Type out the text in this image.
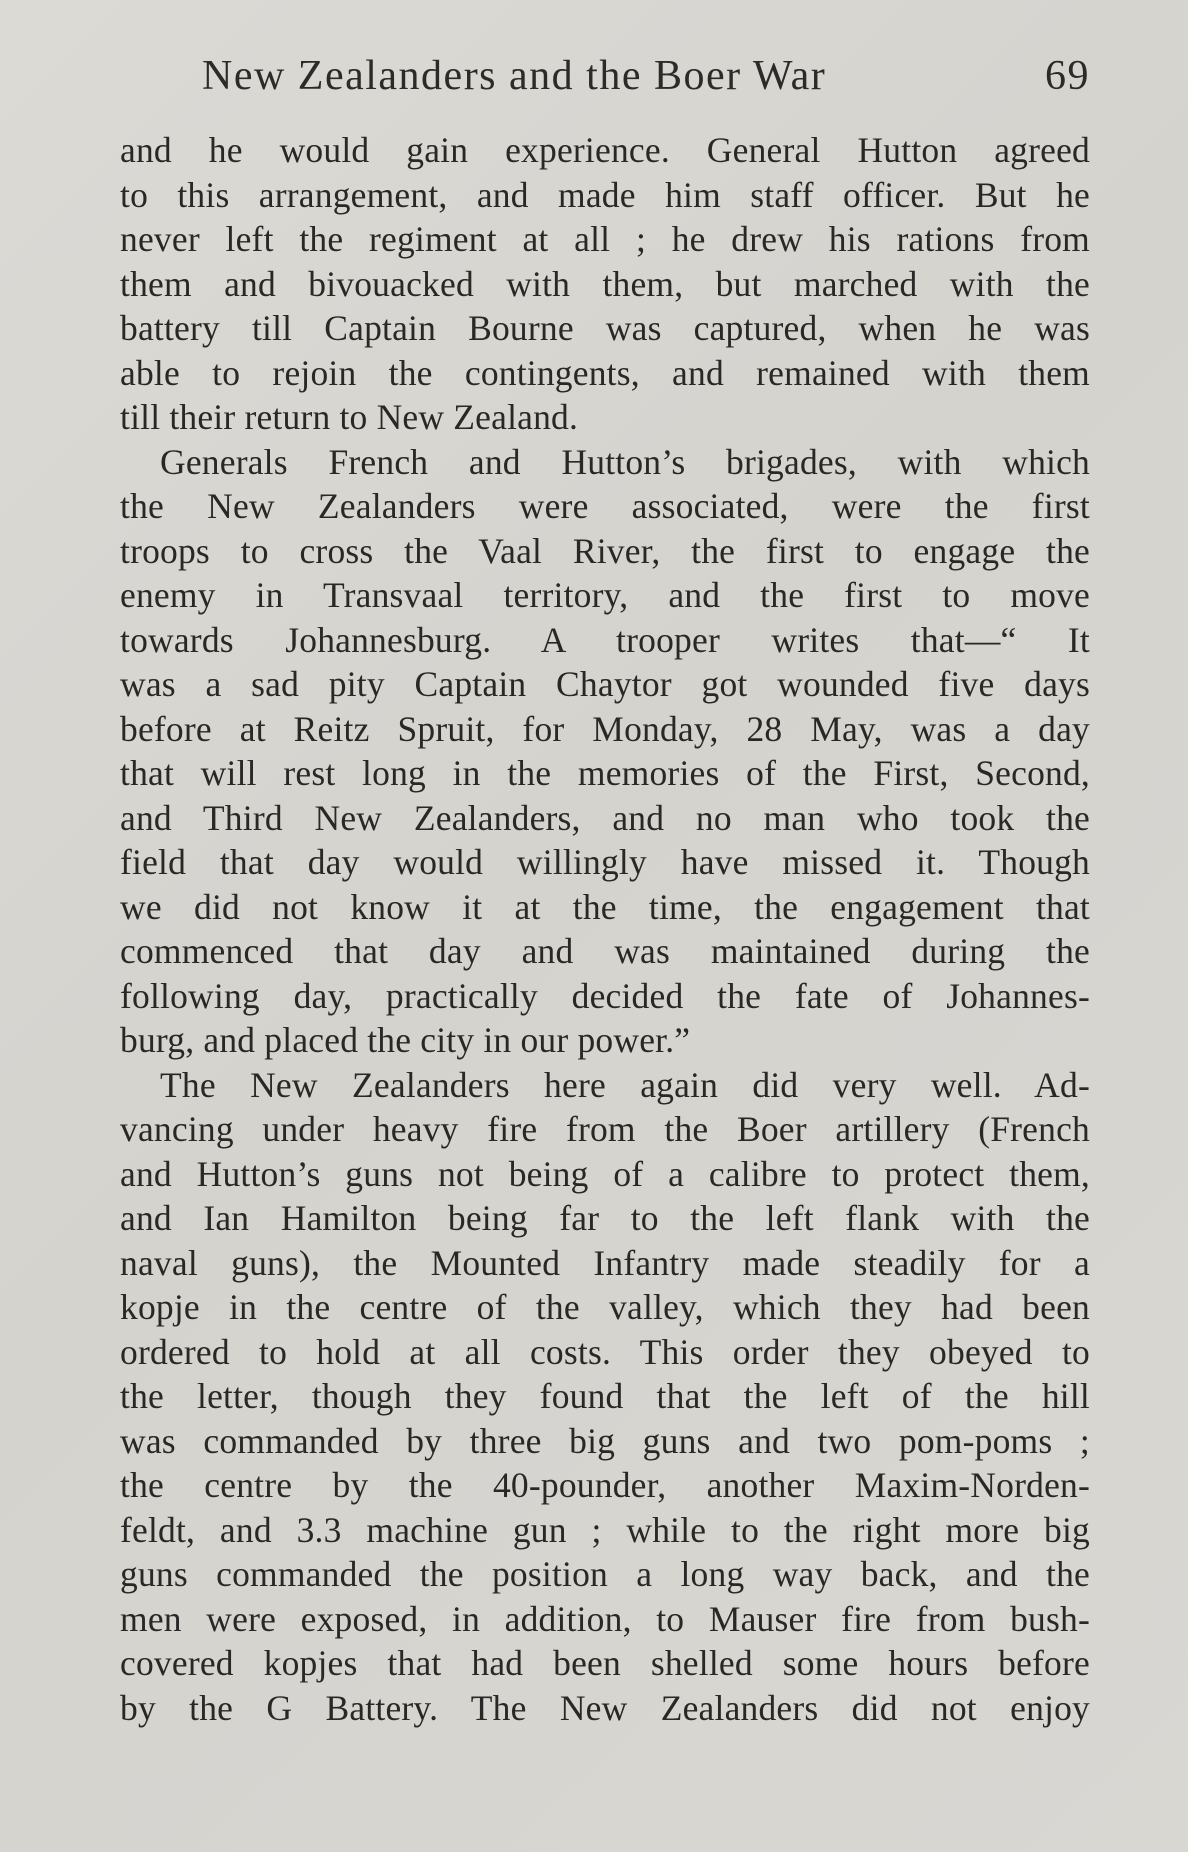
New Zealanders and the Boer War	69
and he would gain experience. General Hutton agreed
to this arrangement, and made him staff officer. But he
never left the regiment at all ; he drew his rations from
them and bivouacked with them, but marched with the
battery till Captain Bourne was captured, when he was
able to rejoin the contingents, and remained with them
till their return to New Zealand.
Generals French and Hutton’s brigades, with which
the New Zealanders were associated, were the first
troops to cross the Vaal River, the first to engage the
enemy in Transvaal territory, and the first to move
towards Johannesburg. A trooper writes that—“ It
was a sad pity Captain Chaytor got wounded five days
before at Reitz Spruit, for Monday, 28 May, was a day
that will rest long in the memories of the First, Second,
and Third New Zealanders, and no man who took the
field that day would willingly have missed it. Though
we did not know it at the time, the engagement that
commenced that day and was maintained during the
following day, practically decided the fate of Johannes-
burg, and placed the city in our power.”
The New Zealanders here again did very well. Ad-
vancing under heavy fire from the Boer artillery (French
and Hutton’s guns not being of a calibre to protect them,
and Ian Hamilton being far to the left flank with the
naval guns), the Mounted Infantry made steadily for a
kopje in the centre of the valley, which they had been
ordered to hold at all costs. This order they obeyed to
the letter, though they found that the left of the hill
was commanded by three big guns and two pom-poms ;
the centre by the 40-pounder, another Maxim-Norden-
feldt, and 3.3 machine gun ; while to the right more big
guns commanded the position a long way back, and the
men were exposed, in addition, to Mauser fire from bush-
covered kopjes that had been shelled some hours before
by the G Battery. The New Zealanders did not enjoy
